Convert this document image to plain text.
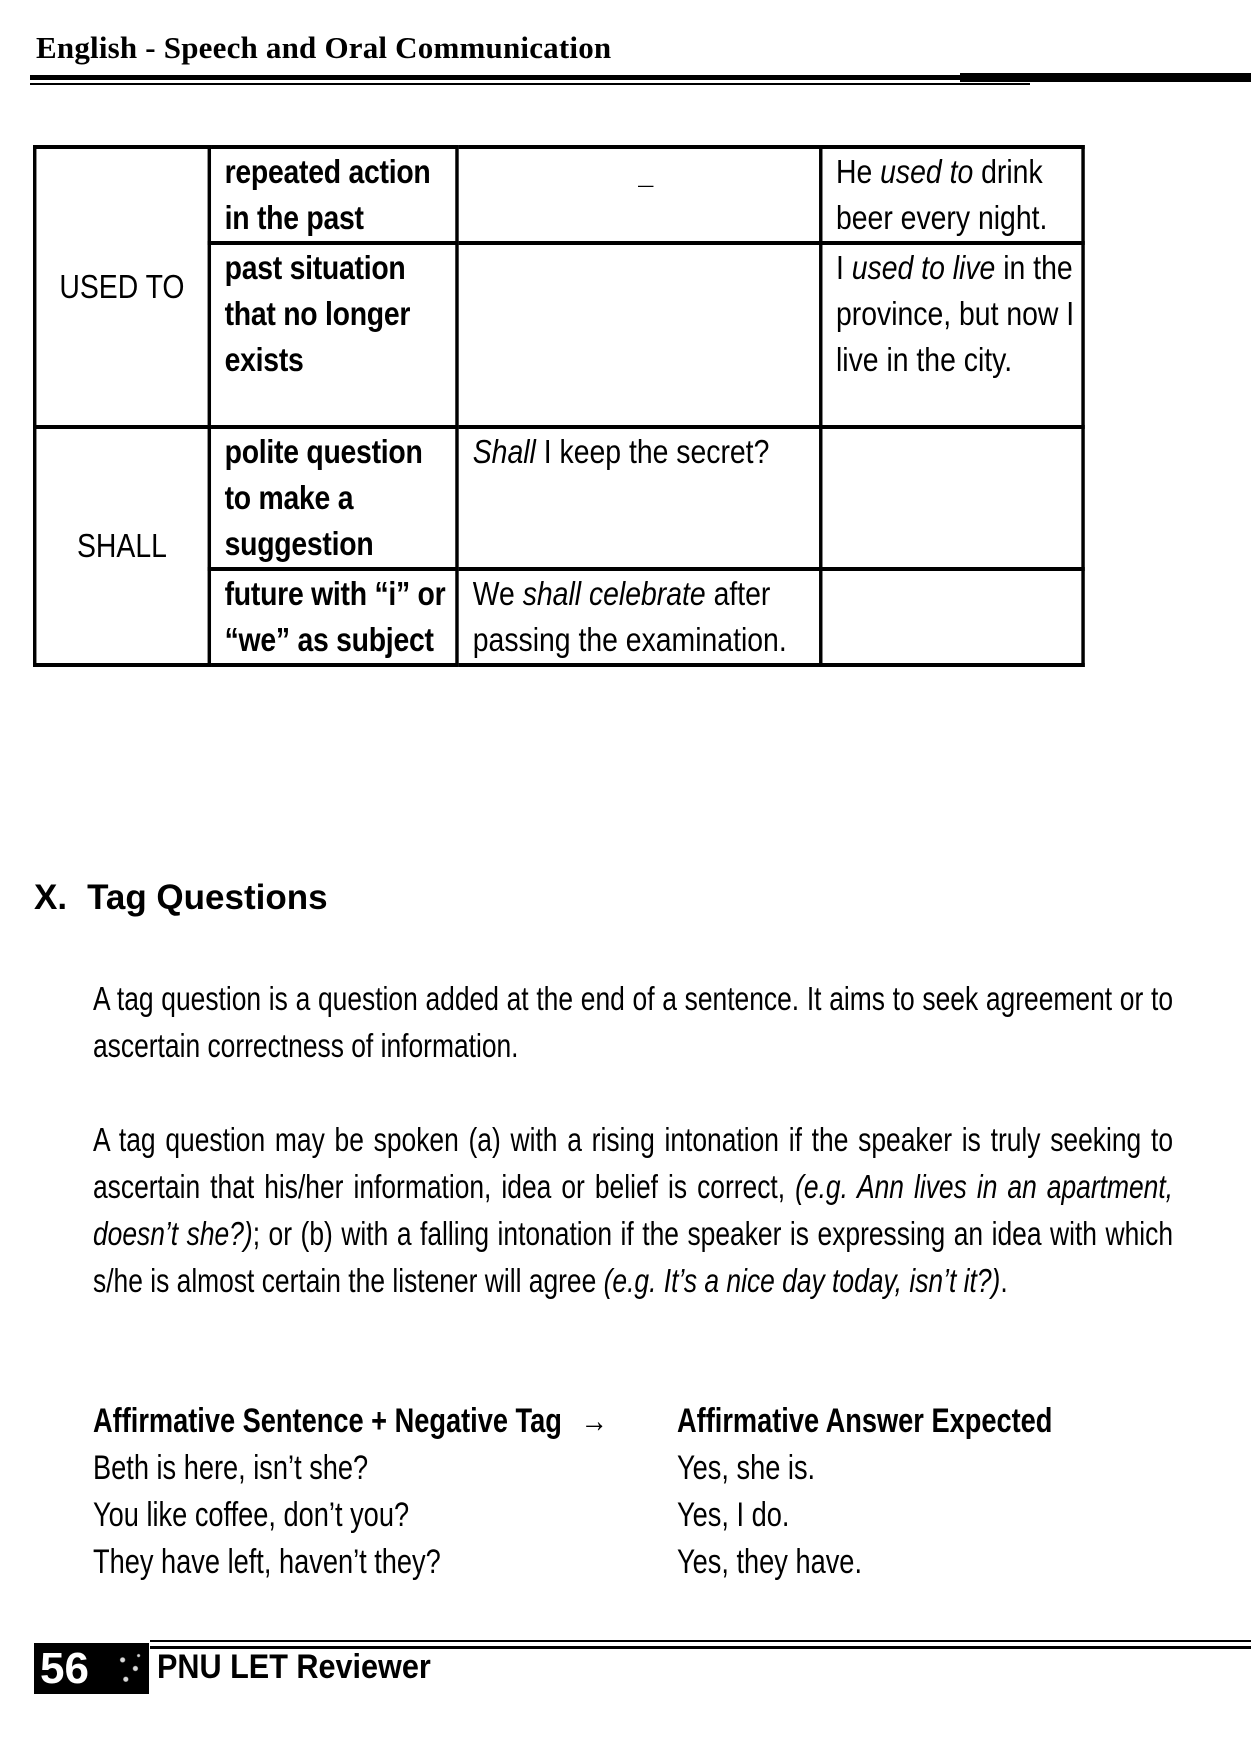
English - Speech and Oral Communication
USED TO	repeated action in the past	—	He used to drink beer every night.
	past situation that no longer exists		I used to live in the province, but now I live in the city.
SHALL	polite question to make a suggestion	Shall I keep the secret?	
	future with “i” or “we” as subject	We shall celebrate after passing the examination.	
X. Tag Questions
A tag question is a question added at the end of a sentence. It aims to seek agreement or to ascertain correctness of information.
A tag question may be spoken (a) with a rising intonation if the speaker is truly seeking to ascertain that his/her information, idea or belief is correct, (e.g. Ann lives in an apartment, doesn’t she?); or (b) with a falling intonation if the speaker is expressing an idea with which s/he is almost certain the listener will agree (e.g. It’s a nice day today, isn’t it?).
Affirmative Sentence + Negative Tag →	Affirmative Answer Expected
Beth is here, isn’t she?	Yes, she is.
You like coffee, don’t you?	Yes, I do.
They have left, haven’t they?	Yes, they have.
56 PNU LET Reviewer
